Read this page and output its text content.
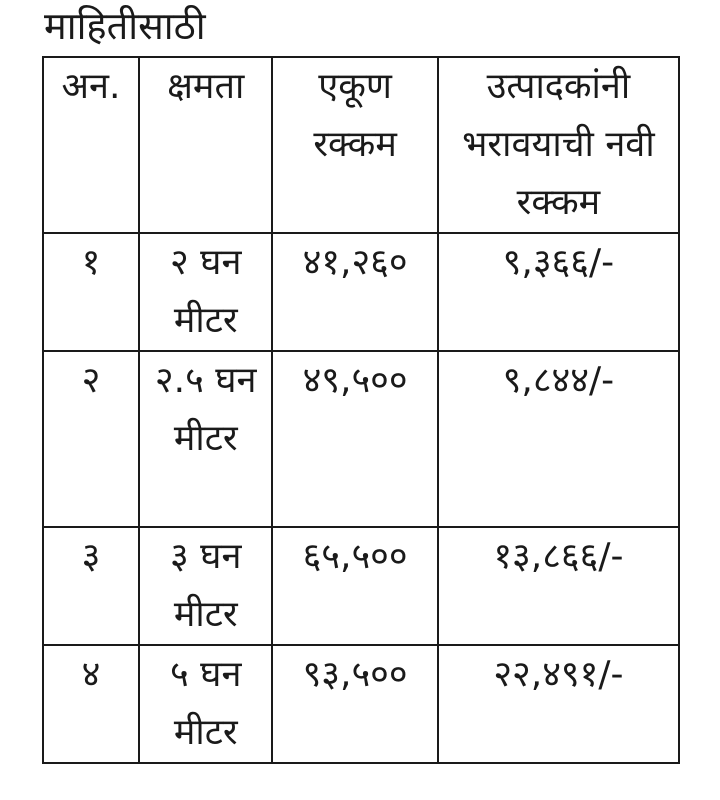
माहितीसाठी
अन.	क्षमता	एकूण रक्कम	उत्पादकांनी भरावयाची नवी रक्कम
१	२ घन मीटर	४१,२६०	९,३६६/-
२	२.५ घन मीटर	४९,५००	९,८४४/-
३	३ घन मीटर	६५,५००	१३,८६६/-
४	५ घन मीटर	९३,५००	२२,४९१/-
